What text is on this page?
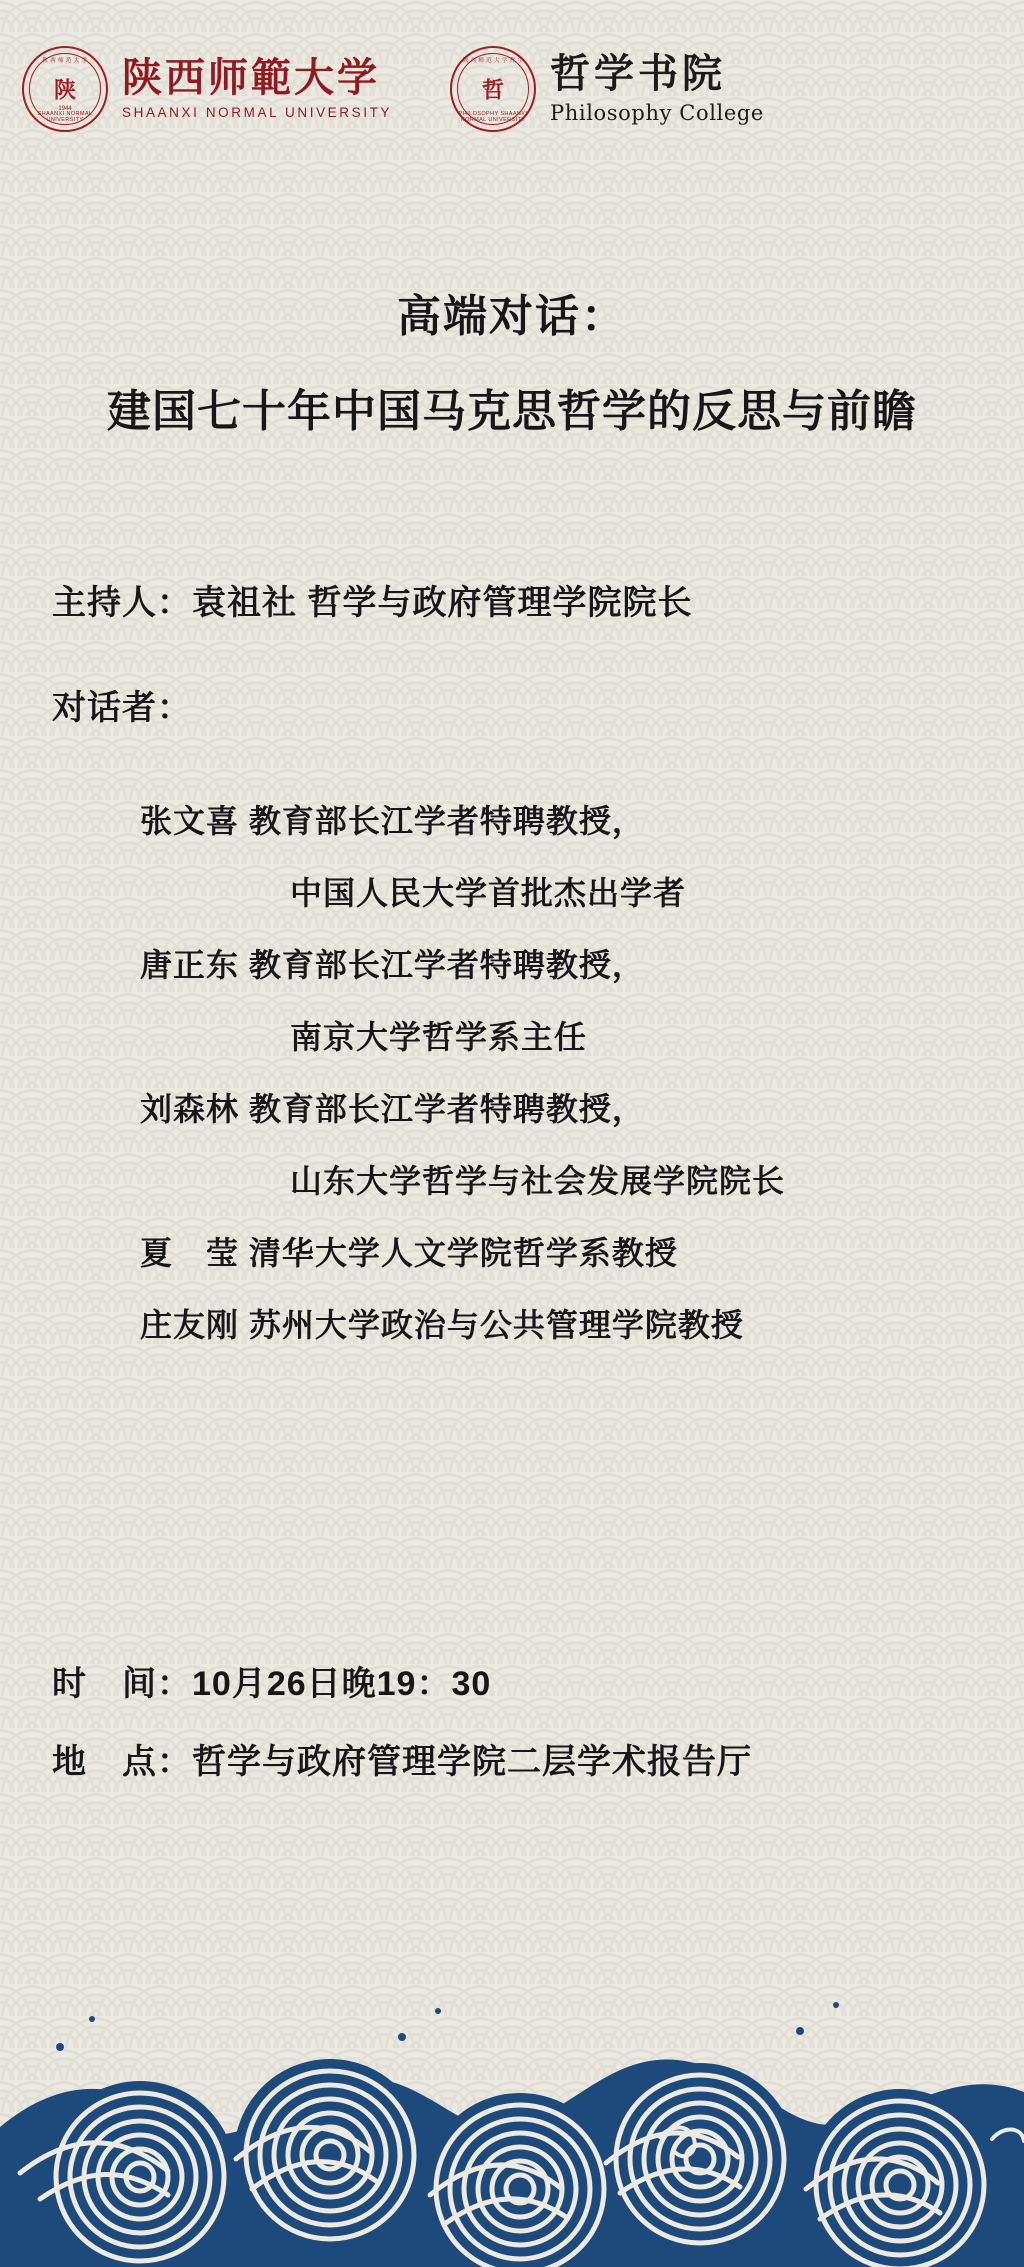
陕 西 师 范 大 学
陕
1944
SHAANXI NORMAL UNIVERSITY
陕西师範大学
SHAANXI NORMAL UNIVERSITY
陕 西 师 范 大 学 哲 学
哲
PHILOSOPHY SHAANXI NORMAL UNIVERSITY
哲学书院
Philosophy College
高端对话：
建国七十年中国马克思哲学的反思与前瞻
主持人：袁祖社 哲学与政府管理学院院长
对话者：
张文喜 教育部长江学者特聘教授，
中国人民大学首批杰出学者
唐正东 教育部长江学者特聘教授，
南京大学哲学系主任
刘森林 教育部长江学者特聘教授，
山东大学哲学与社会发展学院院长
夏　莹 清华大学人文学院哲学系教授
庄友刚 苏州大学政治与公共管理学院教授
时　间：10月26日晚19：30
地　点：哲学与政府管理学院二层学术报告厅
